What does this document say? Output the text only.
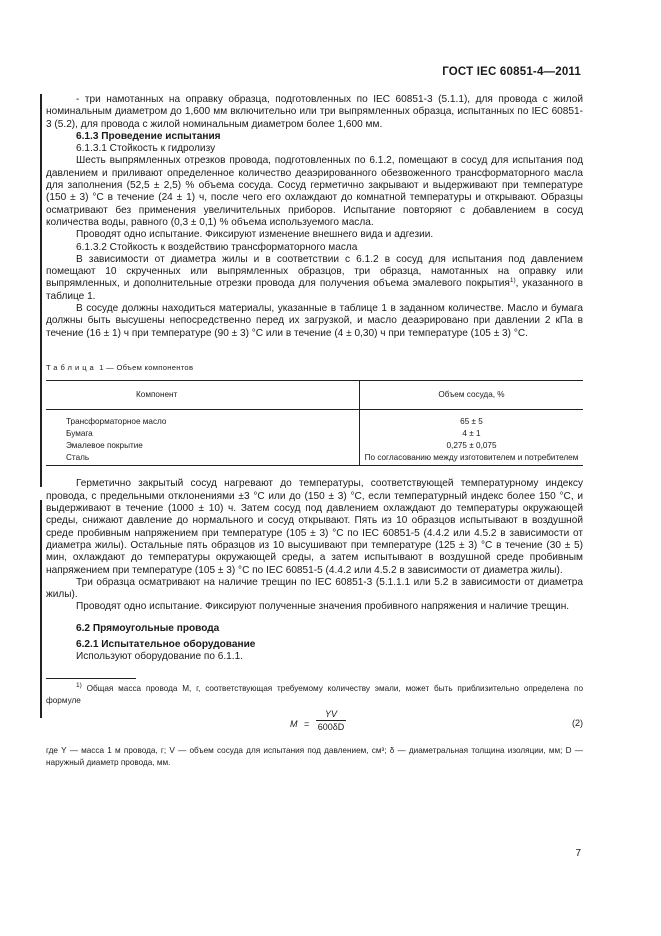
ГОСТ IEC 60851-4—2011

- три намотанных на оправку образца, подготовленных по IEC 60851-3 (5.1.1), для провода с жилой номинальным диаметром до 1,600 мм включительно или три выпрямленных образца, испытанных по IEC 60851-3 (5.2), для провода с жилой номинальным диаметром более 1,600 мм.

6.1.3 Проведение испытания

6.1.3.1 Стойкость к гидролизу

Шесть выпрямленных отрезков провода, подготовленных по 6.1.2, помещают в сосуд для испытания под давлением и приливают определенное количество деаэрированного обезвоженного трансформаторного масла для заполнения (52,5 ± 2,5) % объема сосуда. Сосуд герметично закрывают и выдерживают при температуре (150 ± 3) °С в течение (24 ± 1) ч, после чего его охлаждают до комнатной температуры и открывают. Образцы осматривают без применения увеличительных приборов. Испытание повторяют с добавлением в сосуд количества воды, равного (0,3 ± 0,1) % объема используемого масла.

Проводят одно испытание. Фиксируют изменение внешнего вида и адгезии.

6.1.3.2 Стойкость к воздействию трансформаторного масла

В зависимости от диаметра жилы и в соответствии с 6.1.2 в сосуд для испытания под давлением помещают 10 скрученных или выпрямленных образцов, три образца, намотанных на оправку или выпрямленных, и дополнительные отрезки провода для получения объема эмалевого покрытия$^{1)}$, указанного в таблице 1.

В сосуде должны находиться материалы, указанные в таблице 1 в заданном количестве. Масло и бумага должны быть высушены непосредственно перед их загрузкой, и масло деаэрировано при давлении 2 кПа в течение (16 ± 1) ч при температуре (90 ± 3) °С или в течение (4 ± 0,30) ч при температуре (105 ± 3) °С.

Таблица 1 — Объем компонентов
Компонент	Объем сосуда, %
Трансформаторное масло	65 ± 5
Бумага	4 ± 1
Эмалевое покрытие	0,275 ± 0,075
Сталь	По согласованию между изготовителем и потребителем

Герметично закрытый сосуд нагревают до температуры, соответствующей температурному индексу провода, с предельными отклонениями ±3 °С или до (150 ± 3) °С, если температурный индекс более 150 °С, и выдерживают в течение (1000 ± 10) ч. Затем сосуд под давлением охлаждают до температуры окружающей среды, снижают давление до нормального и сосуд открывают. Пять из 10 образцов испытывают в воздушной среде пробивным напряжением при температуре (105 ± 3) °С по IEC 60851-5 (4.4.2 или 4.5.2 в зависимости от диаметра жилы). Остальные пять образцов из 10 высушивают при температуре (125 ± 3) °С в течение (30 ± 5) мин, охлаждают до температуры окружающей среды, а затем испытывают в воздушной среде пробивным напряжением при температуре (105 ± 3) °С по IEC 60851-5 (4.4.2 или 4.5.2 в зависимости от диаметра жилы).

Три образца осматривают на наличие трещин по IEC 60851-3 (5.1.1.1 или 5.2 в зависимости от диаметра жилы).

Проводят одно испытание. Фиксируют полученные значения пробивного напряжения и наличие трещин.

6.2 Прямоугольные провода

6.2.1 Испытательное оборудование

Используют оборудование по 6.1.1.

$^{1)}$ Общая масса провода М, г, соответствующая требуемому количеству эмали, может быть приблизительно определена по формуле

$М = \frac{YV}{600\delta D}$	(2)

где Y — масса 1 м провода, г; V — объем сосуда для испытания под давлением, см³; δ — диаметральная толщина изоляции, мм; D — наружный диаметр провода, мм.

7
